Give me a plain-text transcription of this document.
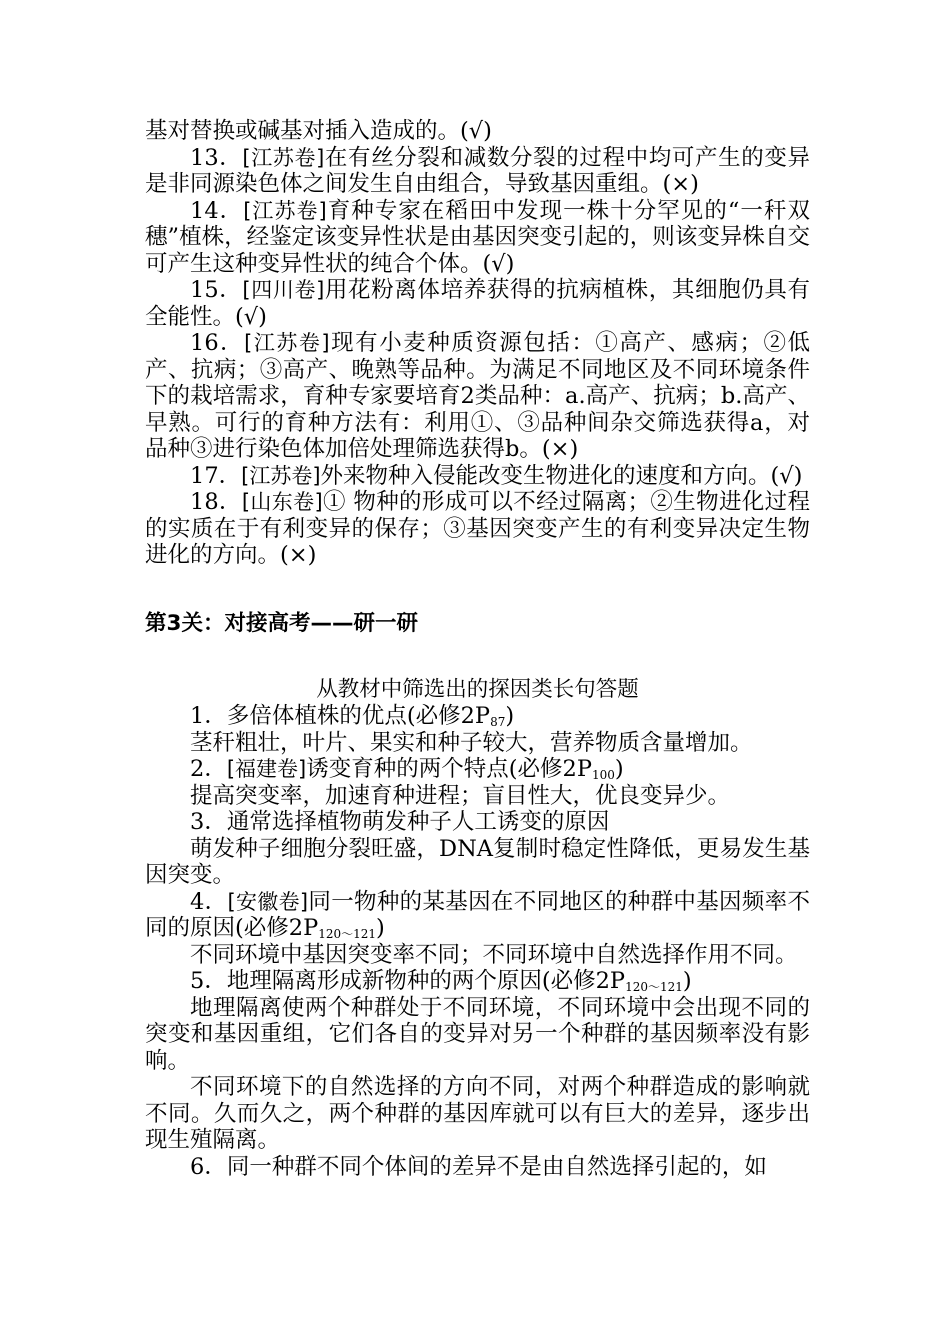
基对替换或碱基对插入造成的。(√)

13．[江苏卷]在有丝分裂和减数分裂的过程中均可产生的变异是非同源染色体之间发生自由组合，导致基因重组。(×)

14．[江苏卷]育种专家在稻田中发现一株十分罕见的“一秆双穗”植株，经鉴定该变异性状是由基因突变引起的，则该变异株自交可产生这种变异性状的纯合个体。(√)

15．[四川卷]用花粉离体培养获得的抗病植株，其细胞仍具有全能性。(√)

16．[江苏卷]现有小麦种质资源包括：①高产、感病；②低产、抗病；③高产、晚熟等品种。为满足不同地区及不同环境条件下的栽培需求，育种专家要培育2类品种：a.高产、抗病；b.高产、早熟。可行的育种方法有：利用①、③品种间杂交筛选获得a，对品种③进行染色体加倍处理筛选获得b。(×)

17．[江苏卷]外来物种入侵能改变生物进化的速度和方向。(√)

18．[山东卷]① 物种的形成可以不经过隔离；②生物进化过程的实质在于有利变异的保存；③基因突变产生的有利变异决定生物进化的方向。(×)

第3关：对接高考——研一研

从教材中筛选出的探因类长句答题

1．多倍体植株的优点(必修$2P_{87}$)

茎秆粗壮，叶片、果实和种子较大，营养物质含量增加。

2．[福建卷]诱变育种的两个特点(必修$2P_{100}$)

提高突变率，加速育种进程；盲目性大，优良变异少。

3．通常选择植物萌发种子人工诱变的原因

萌发种子细胞分裂旺盛，DNA复制时稳定性降低，更易发生基因突变。

4．[安徽卷]同一物种的某基因在不同地区的种群中基因频率不同的原因(必修$2P_{120\sim 121}$)

不同环境中基因突变率不同；不同环境中自然选择作用不同。

5．地理隔离形成新物种的两个原因(必修$2P_{120\sim 121}$)

地理隔离使两个种群处于不同环境，不同环境中会出现不同的突变和基因重组，它们各自的变异对另一个种群的基因频率没有影响。

不同环境下的自然选择的方向不同，对两个种群造成的影响就不同。久而久之，两个种群的基因库就可以有巨大的差异，逐步出现生殖隔离。

6．同一种群不同个体间的差异不是由自然选择引起的，如
